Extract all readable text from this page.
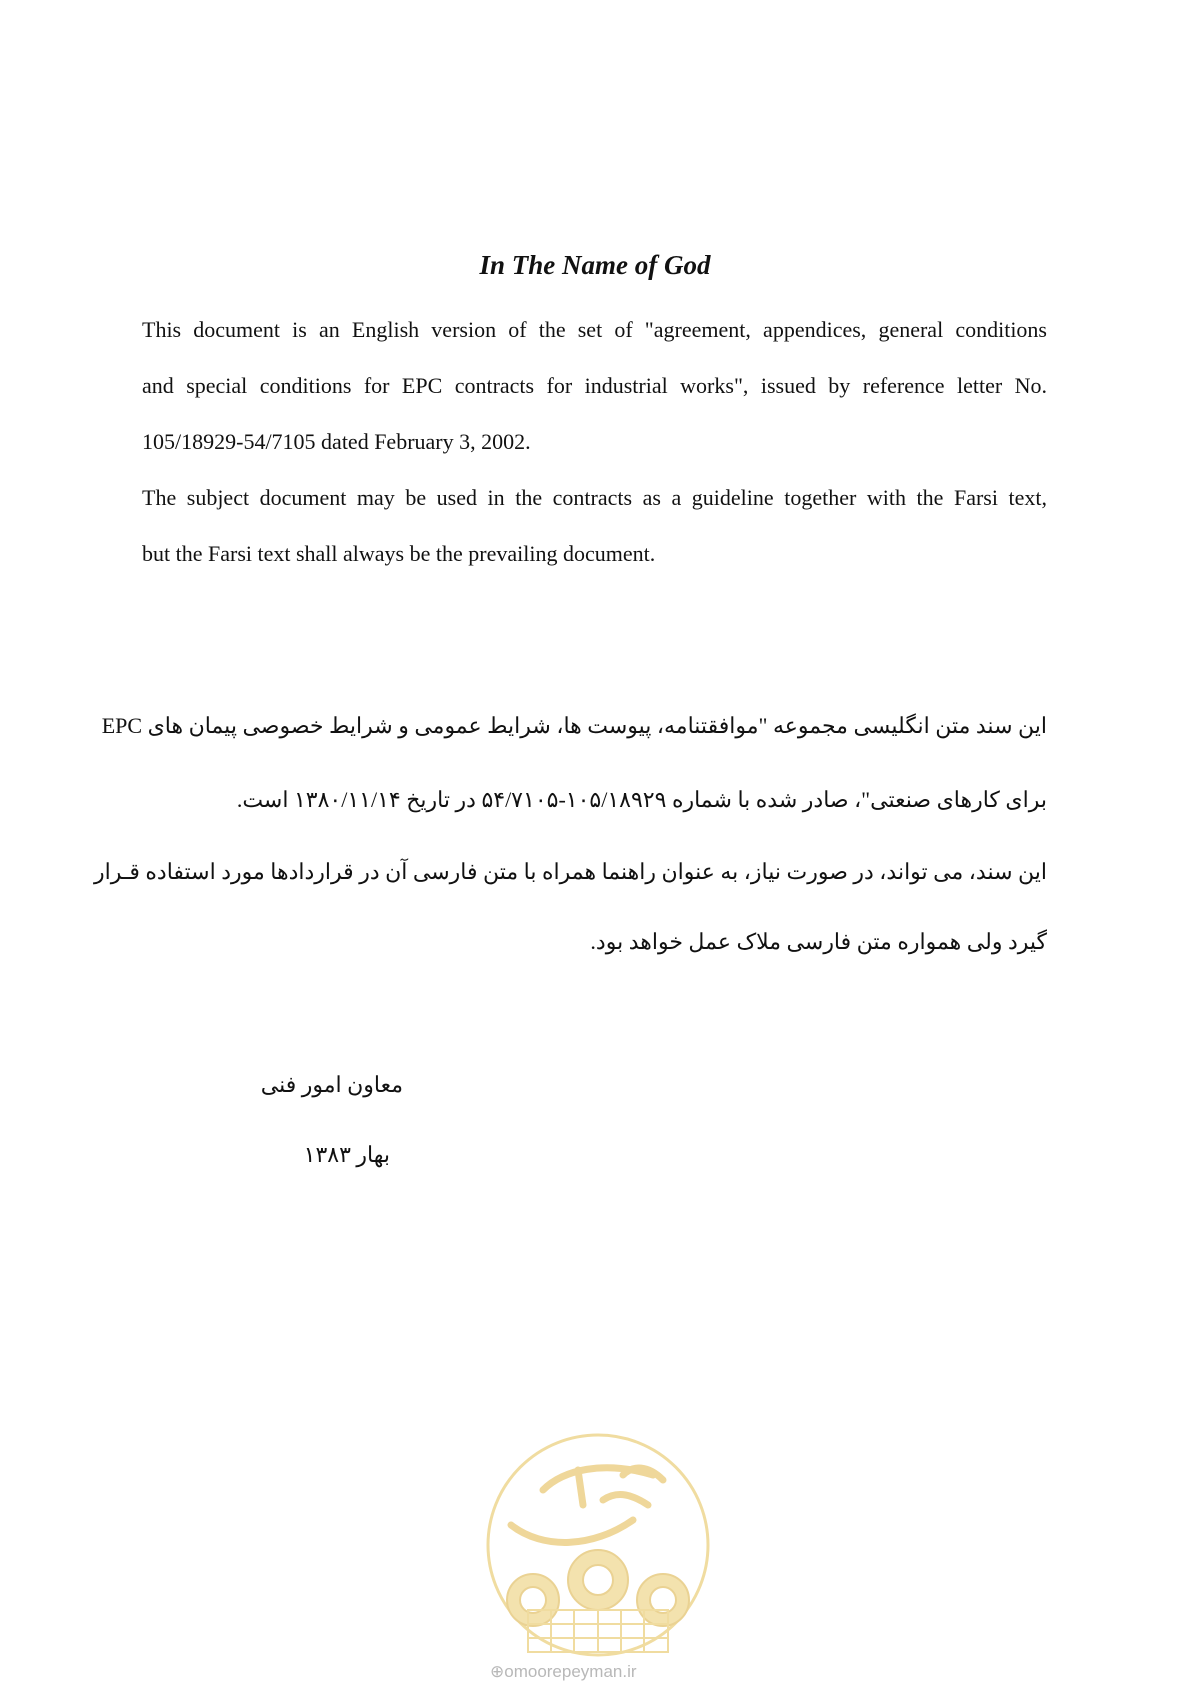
In The Name of God
This document is an English version of the set of "agreement, appendices, general conditions
and special conditions for EPC contracts for industrial works", issued by reference letter No.
105/18929-54/7105 dated February 3, 2002.
The subject document may be used in the contracts as a guideline together with the Farsi text,
but the Farsi text shall always be the prevailing document.
این سند متن انگلیسی مجموعه "موافقتنامه، پیوست ها، شرایط عمومی و شرایط خصوصی پیمان های EPC
برای کارهای صنعتی"، صادر شده با شماره ۱۰۵/۱۸۹۲۹-۵۴/۷۱۰۵ در تاریخ ۱۳۸۰/۱۱/۱۴ است.
این سند، می تواند، در صورت نیاز، به عنوان راهنما همراه با متن فارسی آن در قراردادها مورد استفاده قـرار
گیرد ولی همواره متن فارسی ملاک عمل خواهد بود.
معاون امور فنی
بهار ۱۳۸۳
⊕omoorepeyman.ir
